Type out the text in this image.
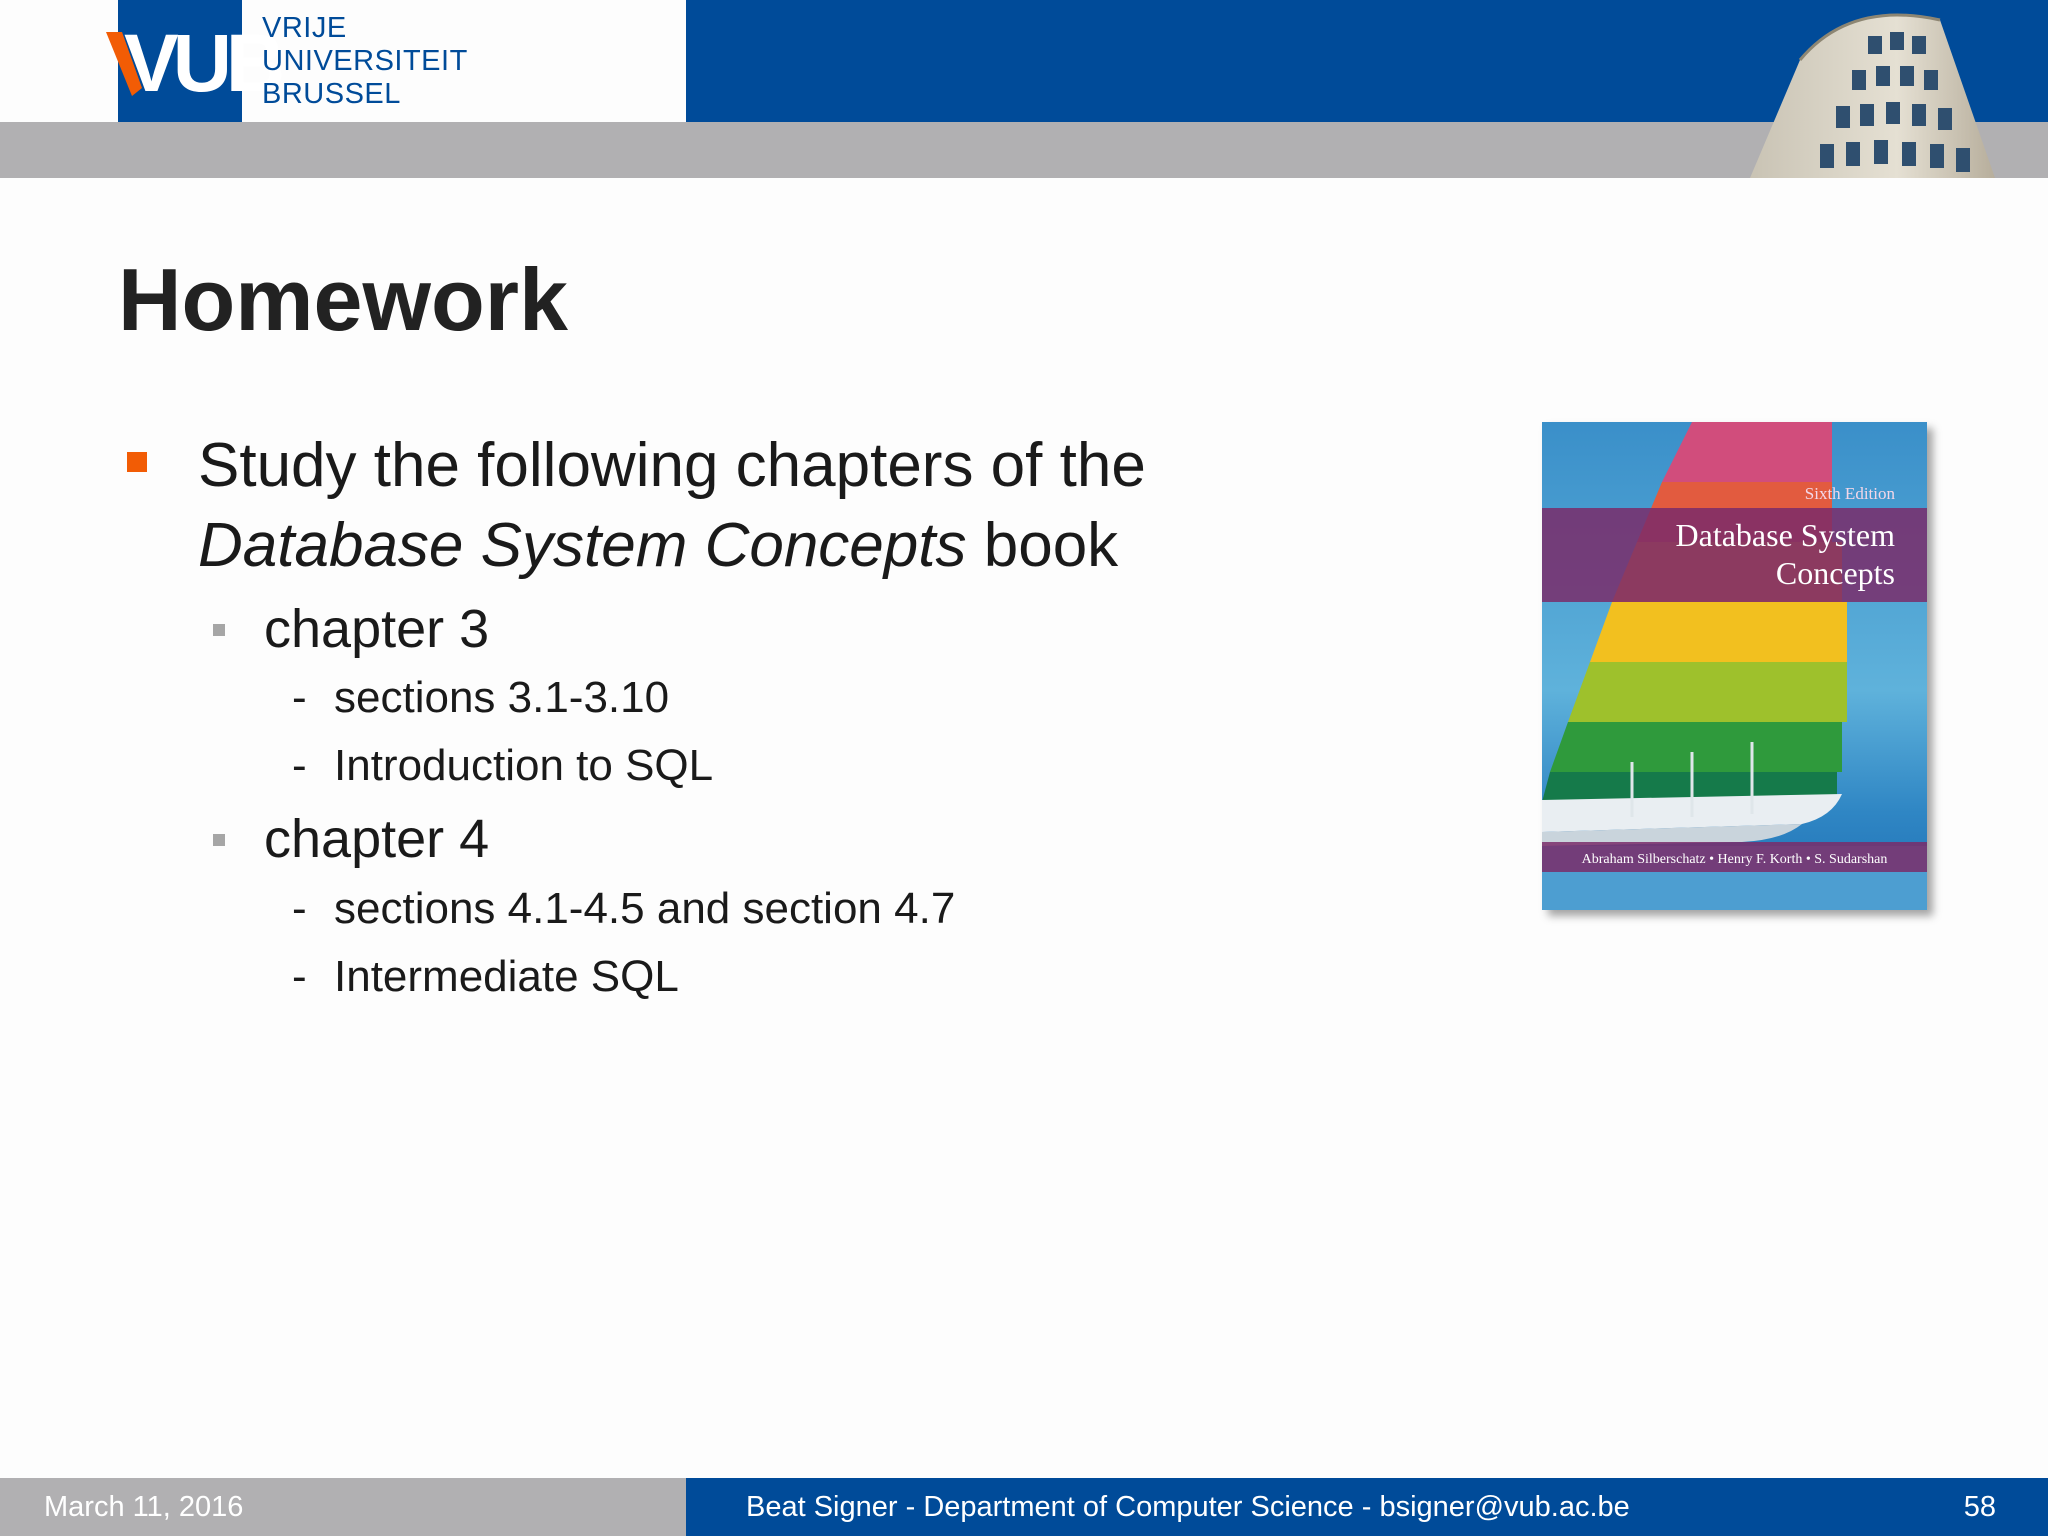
VUB
VRIJE
UNIVERSITEIT
BRUSSEL
Homework
Study the following chapters of the
Database System Concepts book
chapter 3
- sections 3.1-3.10
- Introduction to SQL
chapter 4
- sections 4.1-4.5 and section 4.7
- Intermediate SQL
Sixth Edition
Database System
Concepts
Abraham Silberschatz • Henry F. Korth • S. Sudarshan
March 11, 2016	Beat Signer - Department of Computer Science - bsigner@vub.ac.be	58
